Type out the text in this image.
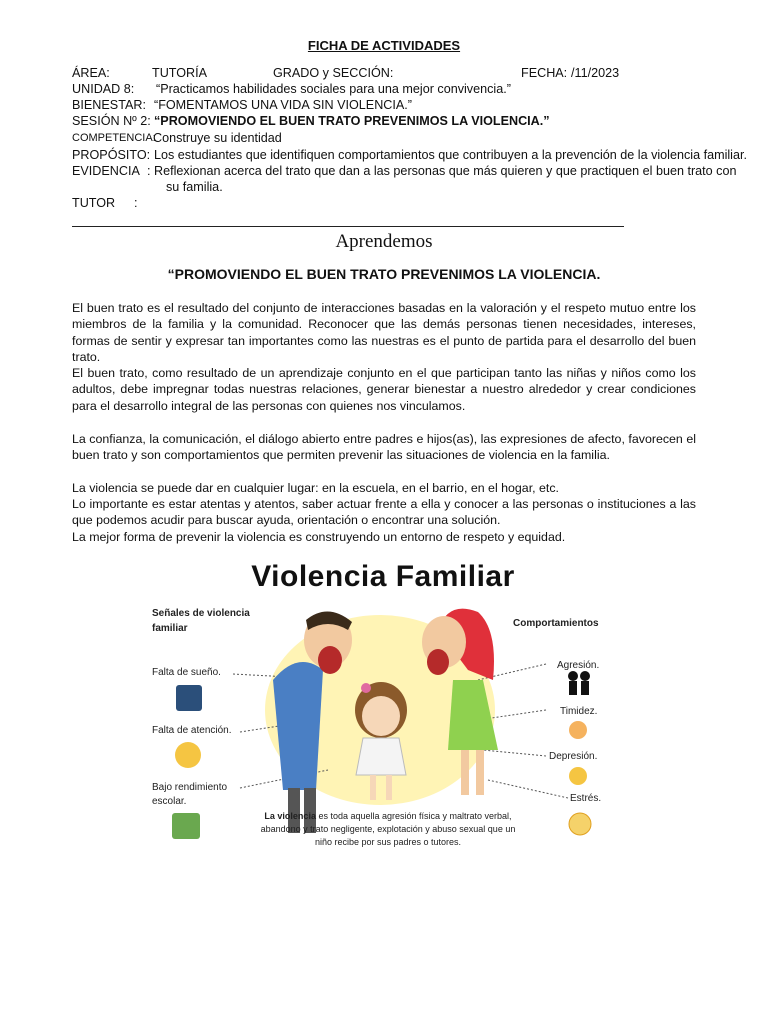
FICHA DE ACTIVIDADES
ÁREA:	TUTORÍA	GRADO y SECCIÓN:	FECHA: /11/2023
UNIDAD 8: “Practicamos habilidades sociales para una mejor convivencia.”
BIENESTAR: “FOMENTAMOS UNA VIDA SIN VIOLENCIA.”
SESIÓN Nº 2: “PROMOVIENDO EL BUEN TRATO PREVENIMOS LA VIOLENCIA.”
COMPETENCIA:
Construye su identidad
PROPÓSITO: Los estudiantes que identifiquen comportamientos que contribuyen a la prevención de la violencia familiar.
EVIDENCIA : Reflexionan acerca del trato que dan a las personas que más quieren y que practiquen el buen trato con
su familia.
TUTOR :
Aprendemos
“PROMOVIENDO EL BUEN TRATO PREVENIMOS LA VIOLENCIA.

El buen trato es el resultado del conjunto de interacciones basadas en la valoración y el respeto mutuo entre los miembros de la familia y la comunidad. Reconocer que las demás personas tienen necesidades, intereses, formas de sentir y expresar tan importantes como las nuestras es el punto de partida para el desarrollo del buen trato.

El buen trato, como resultado de un aprendizaje conjunto en el que participan tanto las niñas y niños como los adultos, debe impregnar todas nuestras relaciones, generar bienestar a nuestro alrededor y crear condiciones para el desarrollo integral de las personas con quienes nos vinculamos.

La confianza, la comunicación, el diálogo abierto entre padres e hijos(as), las expresiones de afecto, favorecen el buen trato y son comportamientos que permiten prevenir las situaciones de violencia en la familia.

La violencia se puede dar en cualquier lugar: en la escuela, en el barrio, en el hogar, etc.

Lo importante es estar atentas y atentos, saber actuar frente a ella y conocer a las personas o instituciones a las que podemos acudir para buscar ayuda, orientación o encontrar una solución.

La mejor forma de prevenir la violencia es construyendo un entorno de respeto y equidad.

Violencia Familiar
Señales de violencia
familiar
Falta de sueño.
Falta de atención.
Bajo rendimiento
escolar.
Comportamientos
Agresión.
Timidez.
Depresión.
Estrés.
La violencia es toda aquella agresión física y maltrato verbal, abandono y trato negligente, explotación y abuso sexual que un niño recibe por sus padres o tutores.
